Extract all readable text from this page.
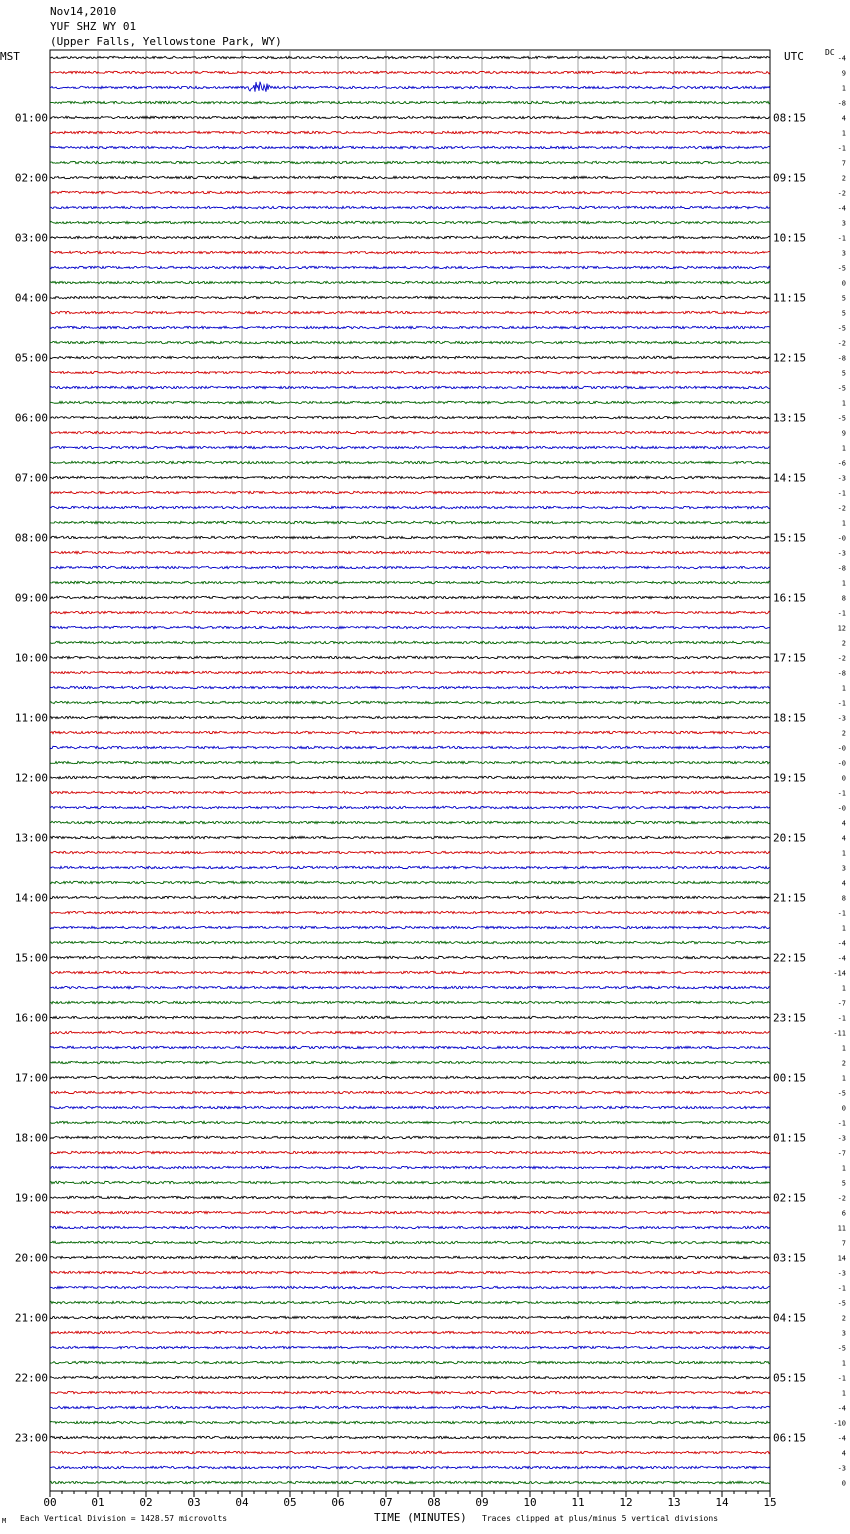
Nov14,2010
YUF SHZ WY 01
(Upper Falls, Yellowstone Park, WY)
MST	UTC	DC
00	01	02	03	04	05	06	07	08	09	10	11	12	13	14	15
-4
9
1
-8
4
1
-1
7
2
-2
-4
3
-1
3
-5
0
5
5
-5
-2
-8
5
-5
1
-5
9
1
-6
-3
-1
-2
1
-0
-3
-8
1
8
-1
12
2
-2
-8
1
-1
-3
2
-0
-0
0
-1
-0
4
4
1
3
4
8
-1
1
-4
-4
-14
1
-7
-1
-11
1
2
1
-5
0
-1
-3
-7
1
5
-2
6
11
7
14
-3
-1
-5
2
3
-5
1
-1
1
-4
-10
-4
4
-3
0
01:00
02:00
03:00
04:00
05:00
06:00
07:00
08:00
09:00
10:00
11:00
12:00
13:00
14:00
15:00
16:00
17:00
18:00
19:00
20:00
21:00
22:00
23:00
08:15
09:15
10:15
11:15
12:15
13:15
14:15
15:15
16:15
17:15
18:15
19:15
20:15
21:15
22:15
23:15
00:15
01:15
02:15
03:15
04:15
05:15
06:15
M Each Vertical Division = 1428.57 microvolts	TIME (MINUTES) Traces clipped at plus/minus 5 vertical divisions
